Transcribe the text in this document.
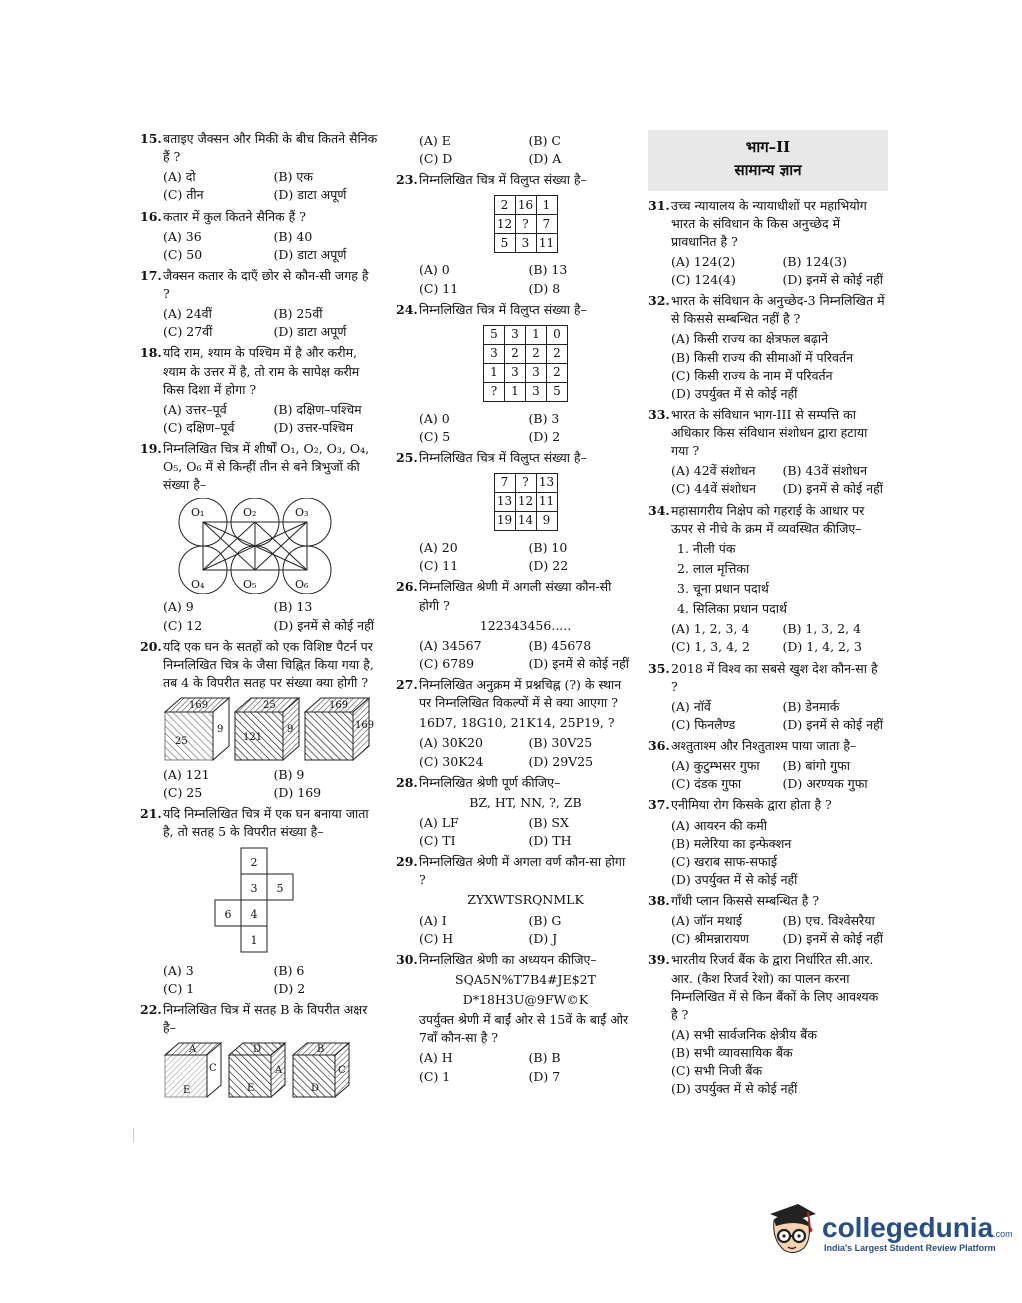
15. बताइए जैक्सन और मिकी के बीच कितने सैनिक हैं ?
(A) दो	(B) एक
(C) तीन	(D) डाटा अपूर्ण
16. कतार में कुल कितने सैनिक हैं ?
(A) 36	(B) 40
(C) 50	(D) डाटा अपूर्ण
17. जैक्सन कतार के दाएँ छोर से कौन-सी जगह है ?
(A) 24वीं	(B) 25वीं
(C) 27वीं	(D) डाटा अपूर्ण
18. यदि राम, श्याम के पश्चिम में है और करीम, श्याम के उत्तर में है, तो राम के सापेक्ष करीम किस दिशा में होगा ?
(A) उत्तर–पूर्व	(B) दक्षिण–पश्चिम
(C) दक्षिण–पूर्व	(D) उत्तर-पश्चिम
19. निम्नलिखित चित्र में शीर्षों O₁, O₂, O₃, O₄, O₅, O₆ में से किन्हीं तीन से बने त्रिभुजों की संख्या है–
O₁	O₂	O₃
O₄	O₅	O₆
(A) 9	(B) 13
(C) 12	(D) इनमें से कोई नहीं
20. यदि एक घन के सतहों को एक विशिष्ट पैटर्न पर निम्नलिखित चित्र के जैसा चिह्नित किया गया है, तब 4 के विपरीत सतह पर संख्या क्या होगी ?
169
9
25
25
121
9
169
169
(A) 121	(B) 9
(C) 25	(D) 169
21. यदि निम्नलिखित चित्र में एक घन बनाया जाता है, तो सतह 5 के विपरीत संख्या है–
2
3 5
6 4
1
(A) 3	(B) 6
(C) 1	(D) 2
22. निम्नलिखित चित्र में सतह B के विपरीत अक्षर है–
A
C
E
D
A
E
B
C
D
(A) E	(B) C
(C) D	(D) A
23. निम्नलिखित चित्र में विलुप्त संख्या है–
2	16	1
12	?	7
5	3	11
(A) 0	(B) 13
(C) 11	(D) 8
24. निम्नलिखित चित्र में विलुप्त संख्या है–
5	3	1	0
3	2	2	2
1	3	3	2
?	1	3	5
(A) 0	(B) 3
(C) 5	(D) 2
25. निम्नलिखित चित्र में विलुप्त संख्या है–
7	?	13
13	12	11
19	14	9
(A) 20	(B) 10
(C) 11	(D) 22
26. निम्नलिखित श्रेणी में अगली संख्या कौन-सी होगी ?
122343456.....
(A) 34567	(B) 45678
(C) 6789	(D) इनमें से कोई नहीं
27. निम्नलिखित अनुक्रम में प्रश्नचिह्न (?) के स्थान पर निम्नलिखित विकल्पों में से क्या आएगा ?
16D7, 18G10, 21K14, 25P19, ?
(A) 30K20	(B) 30V25
(C) 30K24	(D) 29V25
28. निम्नलिखित श्रेणी पूर्ण कीजिए–
BZ, HT, NN, ?, ZB
(A) LF	(B) SX
(C) TI	(D) TH
29. निम्नलिखित श्रेणी में अगला वर्ण कौन-सा होगा ?
ZYXWTSRQNMLK
(A) I	(B) G
(C) H	(D) J
30. निम्नलिखित श्रेणी का अध्ययन कीजिए–
SQA5N%T7B4#JE$2T
D*18H3U@9FW©K
उपर्युक्त श्रेणी में बाईं ओर से 15वें के बाईं ओर 7वाँ कौन-सा है ?
(A) H	(B) B
(C) 1	(D) 7
भाग–II
सामान्य ज्ञान
31. उच्च न्यायालय के न्यायाधीशों पर महाभियोग भारत के संविधान के किस अनुच्छेद में प्रावधानित है ?
(A) 124(2)	(B) 124(3)
(C) 124(4)	(D) इनमें से कोई नहीं
32. भारत के संविधान के अनुच्छेद-3 निम्नलिखित में से किससे सम्बन्धित नहीं है ?
(A) किसी राज्य का क्षेत्रफल बढ़ाने
(B) किसी राज्य की सीमाओं में परिवर्तन
(C) किसी राज्य के नाम में परिवर्तन
(D) उपर्युक्त में से कोई नहीं
33. भारत के संविधान भाग-III से सम्पत्ति का अधिकार किस संविधान संशोधन द्वारा हटाया गया ?
(A) 42वें संशोधन	(B) 43वें संशोधन
(C) 44वें संशोधन	(D) इनमें से कोई नहीं
34. महासागरीय निक्षेप को गहराई के आधार पर ऊपर से नीचे के क्रम में व्यवस्थित कीजिए–
1. नीली पंक
2. लाल मृत्तिका
3. चूना प्रधान पदार्थ
4. सिलिका प्रधान पदार्थ
(A) 1, 2, 3, 4	(B) 1, 3, 2, 4
(C) 1, 3, 4, 2	(D) 1, 4, 2, 3
35. 2018 में विश्व का सबसे खुश देश कौन-सा है ?
(A) नॉर्वे	(B) डेनमार्क
(C) फिनलैण्ड	(D) इनमें से कोई नहीं
36. अश्तुताश्म और निश्तुताश्म पाया जाता है–
(A) कुटुम्भसर गुफा	(B) बांगो गुफा
(C) दंडक गुफा	(D) अरण्यक गुफा
37. एनीमिया रोग किसके द्वारा होता है ?
(A) आयरन की कमी
(B) मलेरिया का इन्फेक्शन
(C) खराब साफ-सफाई
(D) उपर्युक्त में से कोई नहीं
38. गाँधी प्लान किससे सम्बन्धित है ?
(A) जॉन मथाई	(B) एच. विश्वेसरैया
(C) श्रीमन्नारायण	(D) इनमें से कोई नहीं
39. भारतीय रिजर्व बैंक के द्वारा निर्धारित सी.आर. आर. (कैश रिजर्व रेशो) का पालन करना निम्नलिखित में से किन बैंकों के लिए आवश्यक है ?
(A) सभी सार्वजनिक क्षेत्रीय बैंक
(B) सभी व्यावसायिक बैंक
(C) सभी निजी बैंक
(D) उपर्युक्त में से कोई नहीं
collegedunia.com
India's Largest Student Review Platform
